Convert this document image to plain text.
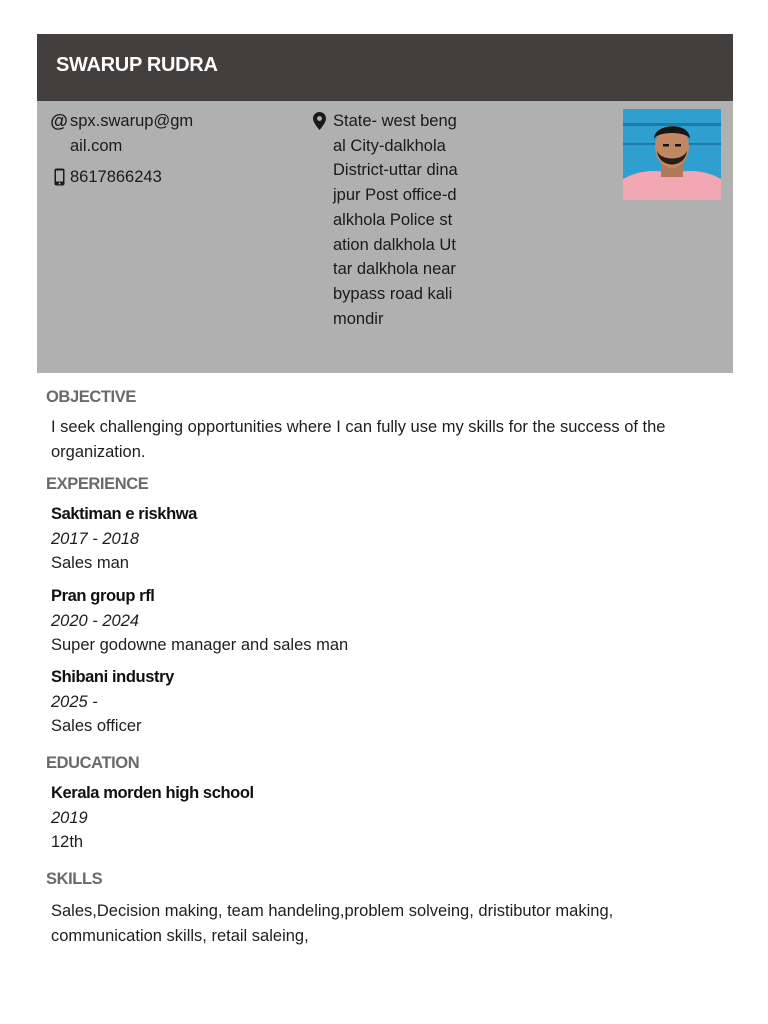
SWARUP RUDRA
@ spx.swarup@gmail.com
8617866243
State- west bengal City-dalkhola District-uttar dinajpur Post office-dalkhola Police station dalkhola Uttar dalkhola near bypass road kali mondir
OBJECTIVE
I seek challenging opportunities where I can fully use my skills for the success of the organization.
EXPERIENCE
Saktiman e riskhwa
2017 - 2018
Sales man
Pran group rfl
2020 - 2024
Super godowne manager and sales man
Shibani industry
2025 -
Sales officer
EDUCATION
Kerala morden high school
2019
12th
SKILLS
Sales,Decision making, team handeling,problem solveing, dristibutor making, communication skills, retail saleing,
